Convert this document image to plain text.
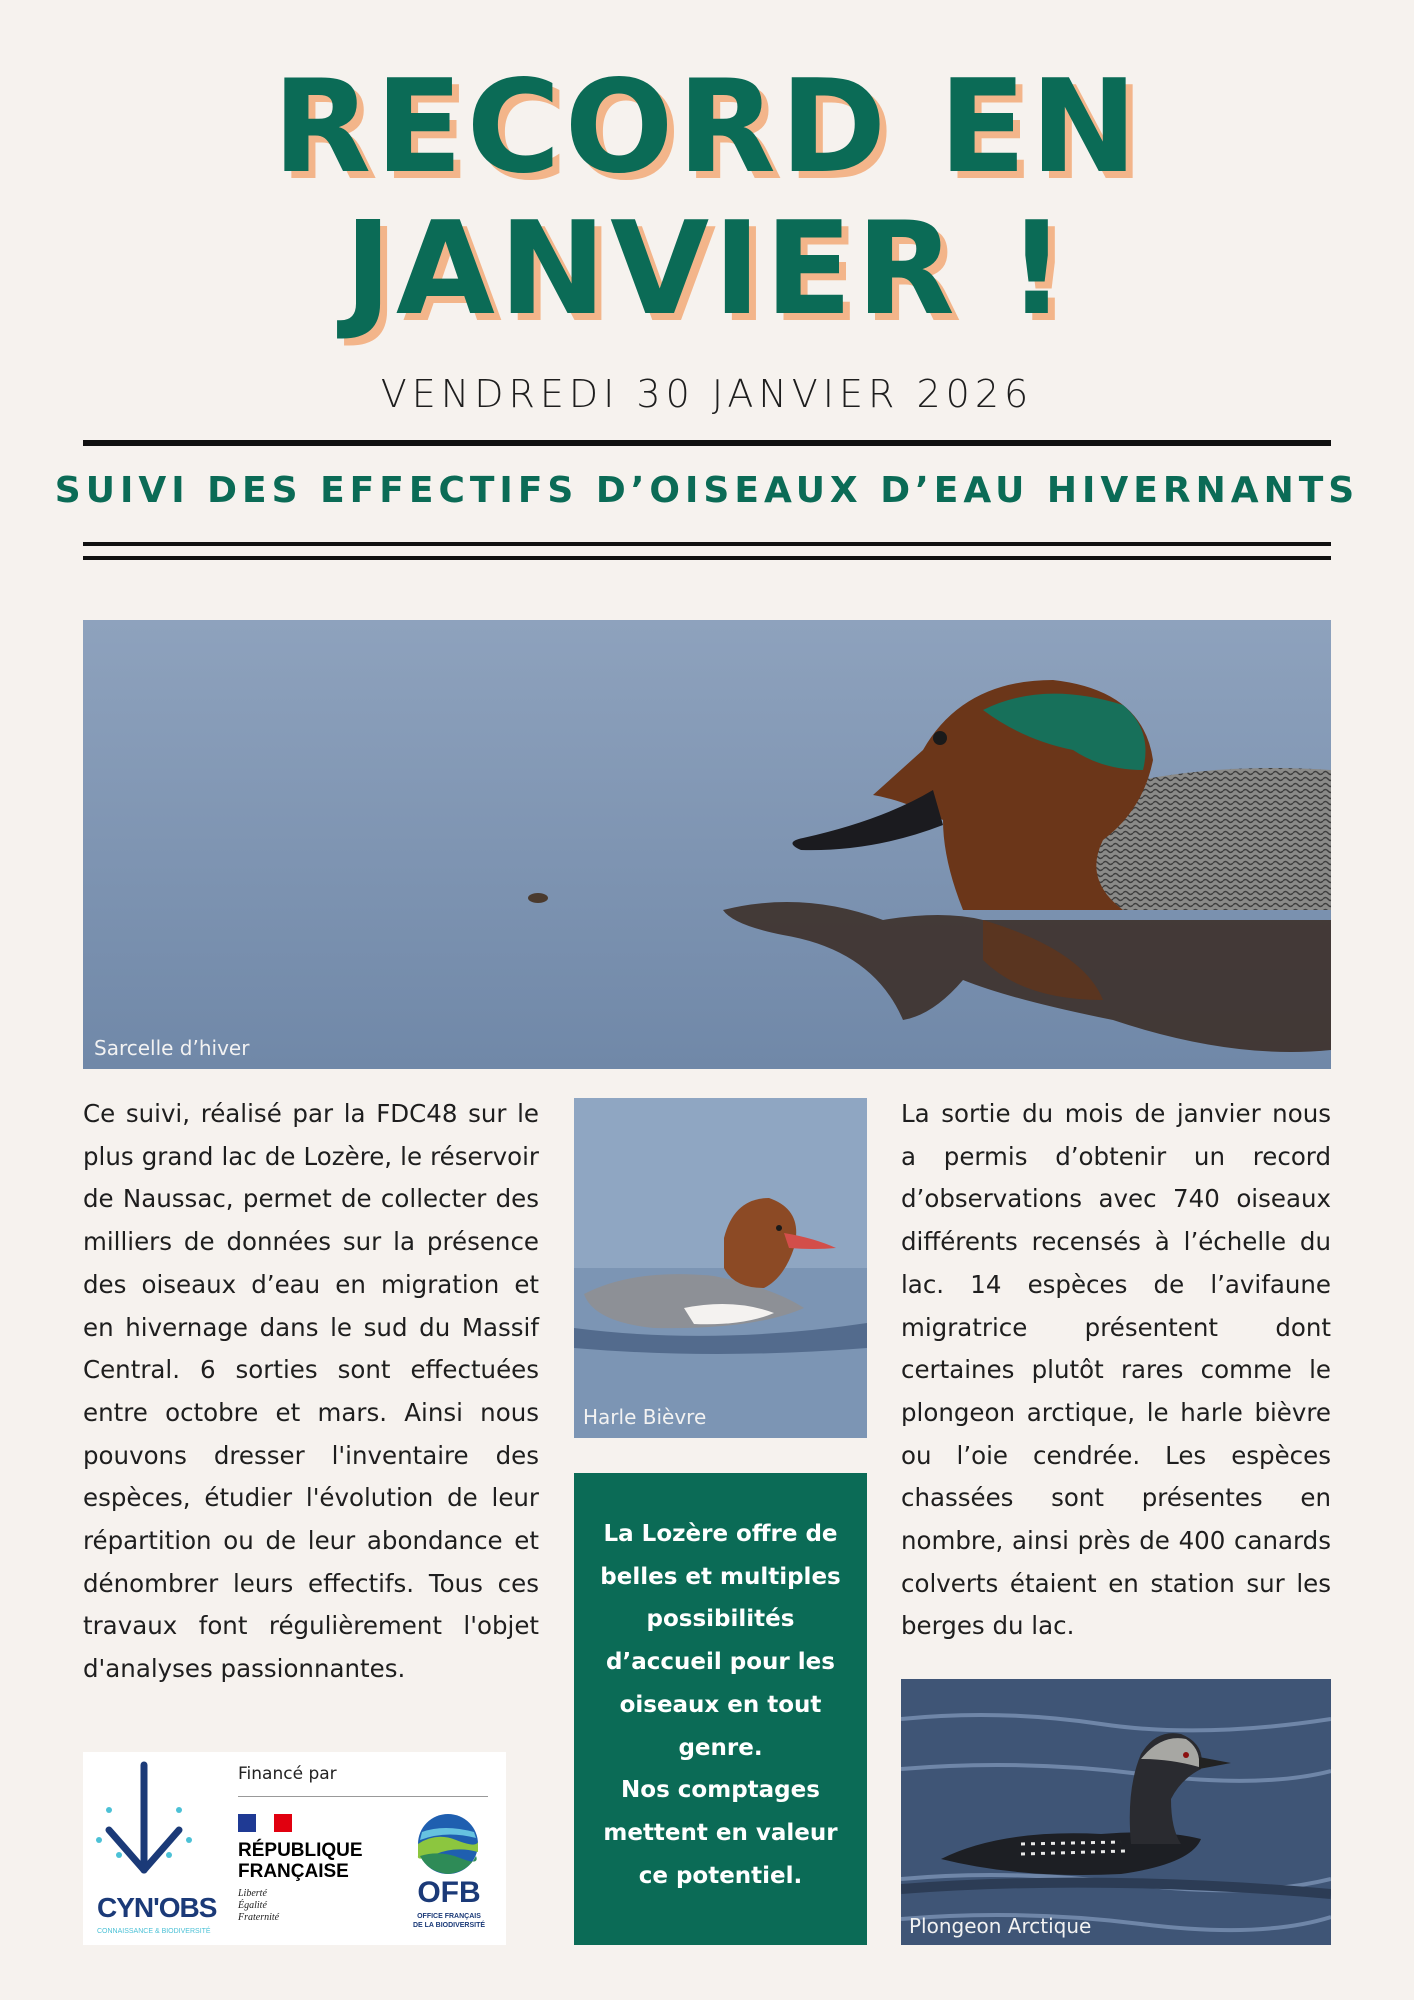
RECORD EN
JANVIER !
VENDREDI 30 JANVIER 2026
SUIVI DES EFFECTIFS D’OISEAUX D’EAU HIVERNANTS
Sarcelle d’hiver

Ce suivi, réalisé par la FDC48 sur le plus grand lac de Lozère, le réservoir de Naussac, permet de collecter des milliers de données sur la présence des oiseaux d’eau en migration et en hivernage dans le sud du Massif Central. 6 sorties sont effectuées entre octobre et mars. Ainsi nous pouvons dresser l'inventaire des espèces, étudier l'évolution de leur répartition ou de leur abondance et dénombrer leurs effectifs. Tous ces travaux font régulièrement l'objet d'analyses passionnantes.

Harle Bièvre
La Lozère offre de belles et multiples possibilités d’accueil pour les oiseaux en tout genre.
Nos comptages mettent en valeur ce potentiel.

La sortie du mois de janvier nous a permis d’obtenir un record d’observations avec 740 oiseaux différents recensés à l’échelle du lac. 14 espèces de l’avifaune migratrice présentent dont certaines plutôt rares comme le plongeon arctique, le harle bièvre ou l’oie cendrée. Les espèces chassées sont présentes en nombre, ainsi près de 400 canards colverts étaient en station sur les berges du lac.

Plongeon Arctique
CYN'OBS
CONNAISSANCE & BIODIVERSITÉ
Financé par
RÉPUBLIQUE
FRANÇAISE
Liberté
Égalité
Fraternité
OFB
OFFICE FRANÇAIS
DE LA BIODIVERSITÉ
